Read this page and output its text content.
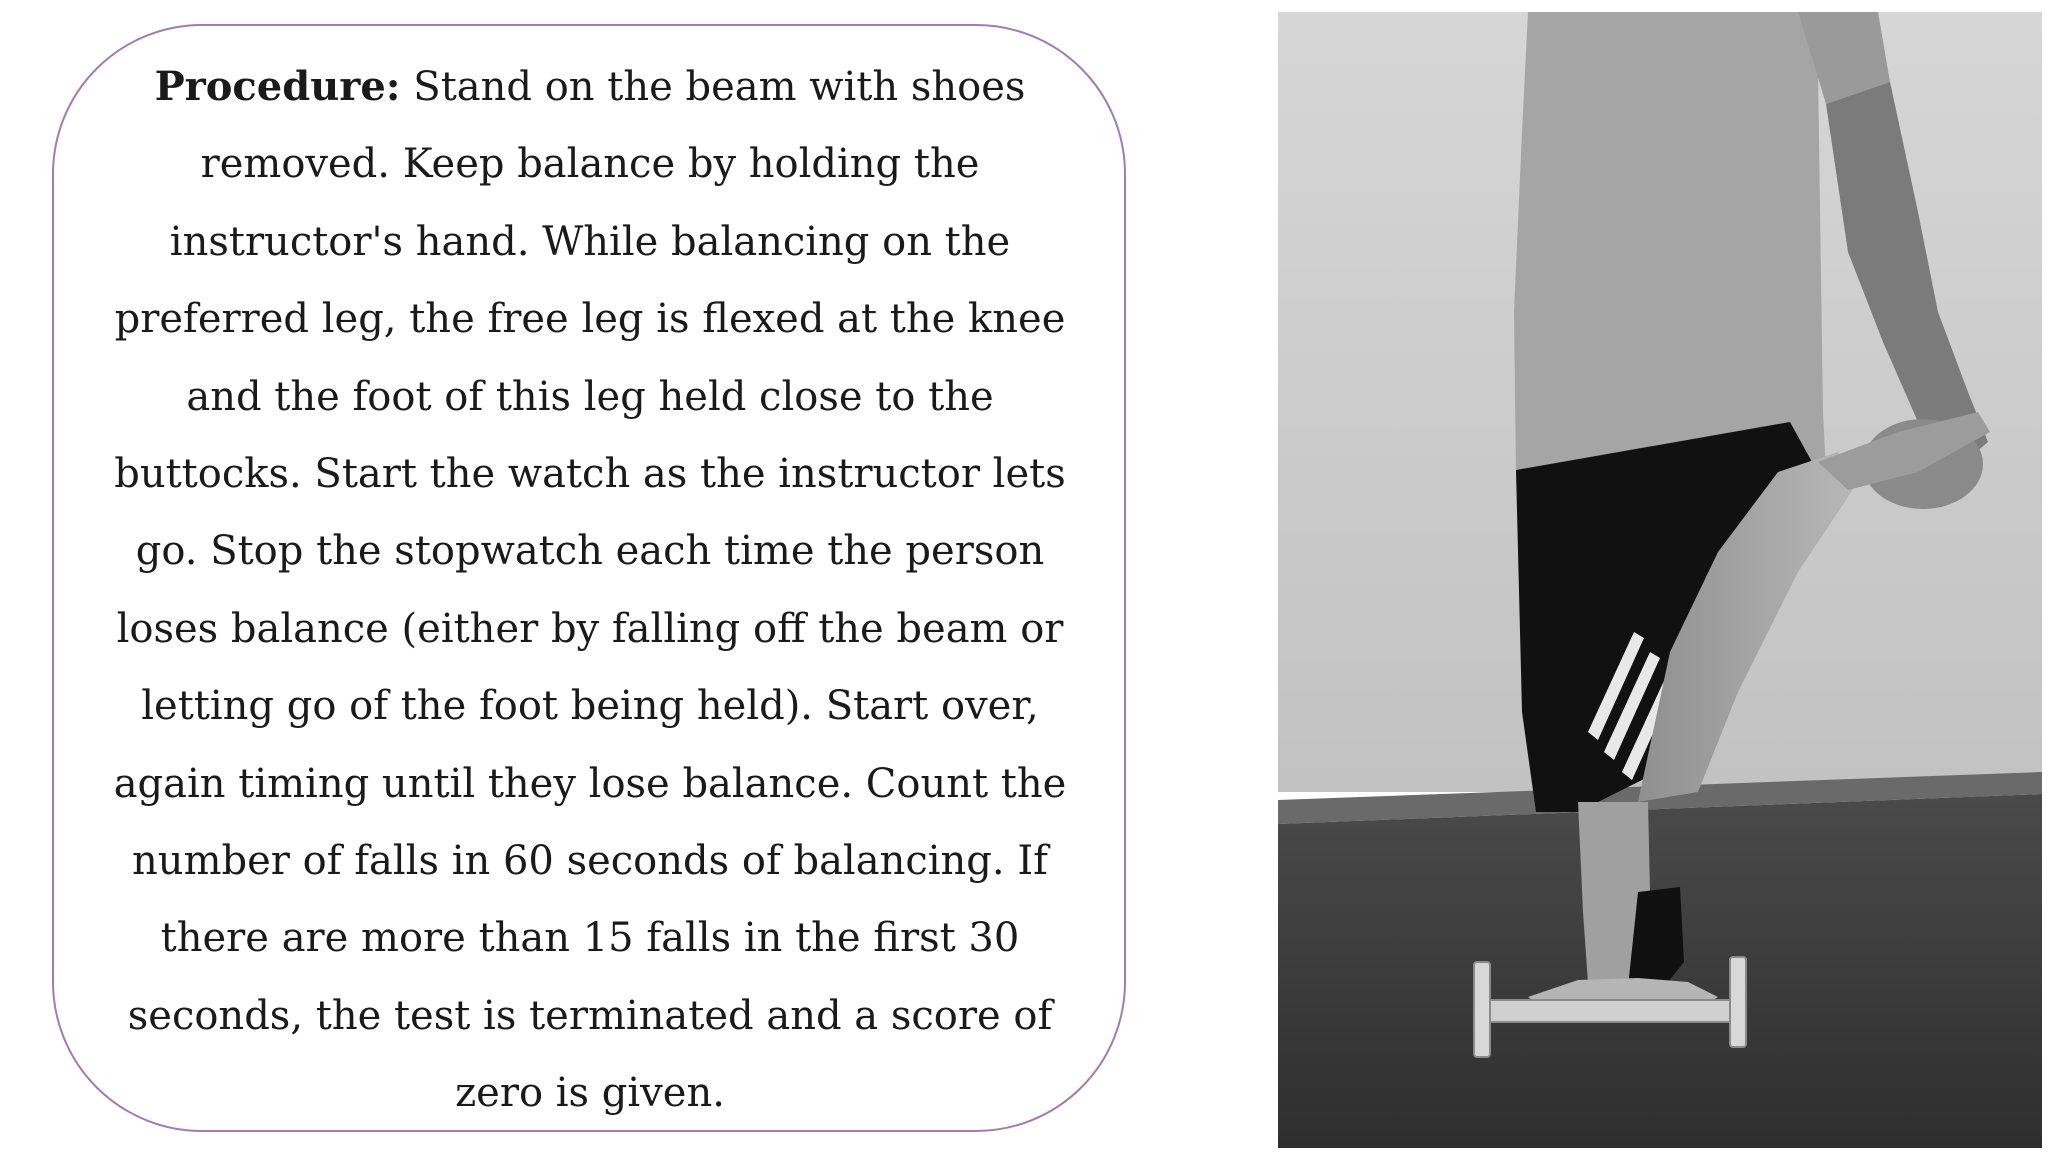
Procedure: Stand on the beam with shoes removed. Keep balance by holding the instructor's hand. While balancing on the preferred leg, the free leg is flexed at the knee and the foot of this leg held close to the buttocks. Start the watch as the instructor lets go. Stop the stopwatch each time the person loses balance (either by falling off the beam or letting go of the foot being held). Start over, again timing until they lose balance. Count the number of falls in 60 seconds of balancing. If there are more than 15 falls in the first 30 seconds, the test is terminated and a score of zero is given.
